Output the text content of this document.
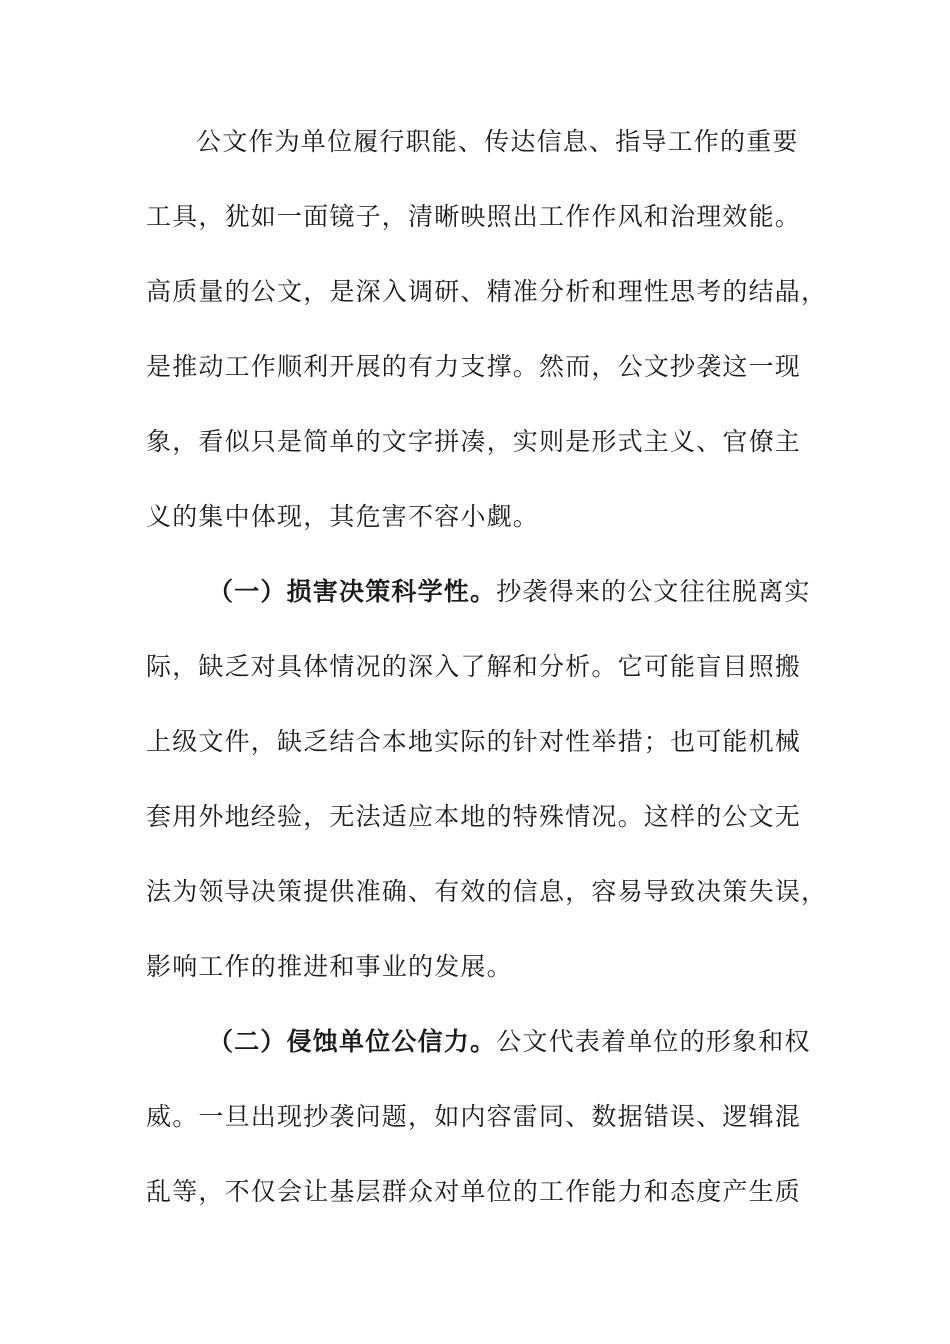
公文作为单位履行职能、传达信息、指导工作的重要

工具，犹如一面镜子，清晰映照出工作作风和治理效能。

高质量的公文，是深入调研、精准分析和理性思考的结晶，

是推动工作顺利开展的有力支撑。然而，公文抄袭这一现

象，看似只是简单的文字拼凑，实则是形式主义、官僚主

义的集中体现，其危害不容小觑。

（一）损害决策科学性。抄袭得来的公文往往脱离实

际，缺乏对具体情况的深入了解和分析。它可能盲目照搬

上级文件，缺乏结合本地实际的针对性举措；也可能机械

套用外地经验，无法适应本地的特殊情况。这样的公文无

法为领导决策提供准确、有效的信息，容易导致决策失误，

影响工作的推进和事业的发展。

（二）侵蚀单位公信力。公文代表着单位的形象和权

威。一旦出现抄袭问题，如内容雷同、数据错误、逻辑混

乱等，不仅会让基层群众对单位的工作能力和态度产生质
